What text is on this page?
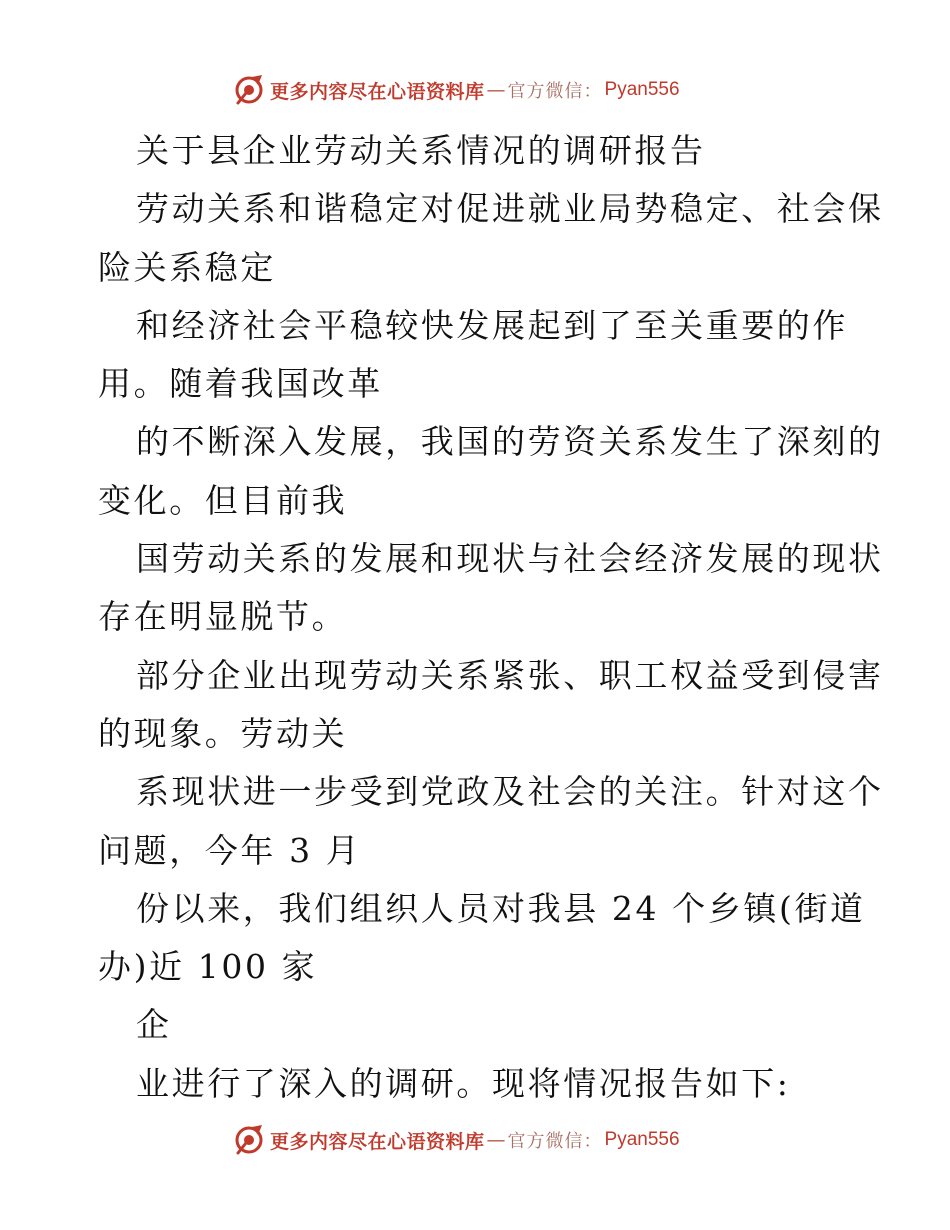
更多内容尽在心语资料库 — 官方微信： Pyan556
关于县企业劳动关系情况的调研报告
劳动关系和谐稳定对促进就业局势稳定、社会保
险关系稳定
和经济社会平稳较快发展起到了至关重要的作
用。随着我国改革
的不断深入发展，我国的劳资关系发生了深刻的
变化。但目前我
国劳动关系的发展和现状与社会经济发展的现状
存在明显脱节。
部分企业出现劳动关系紧张、职工权益受到侵害
的现象。劳动关
系现状进一步受到党政及社会的关注。针对这个
问题，今年 3 月
份以来，我们组织人员对我县 24 个乡镇(街道
办)近 100 家
企
业进行了深入的调研。现将情况报告如下:
更多内容尽在心语资料库 — 官方微信： Pyan556
